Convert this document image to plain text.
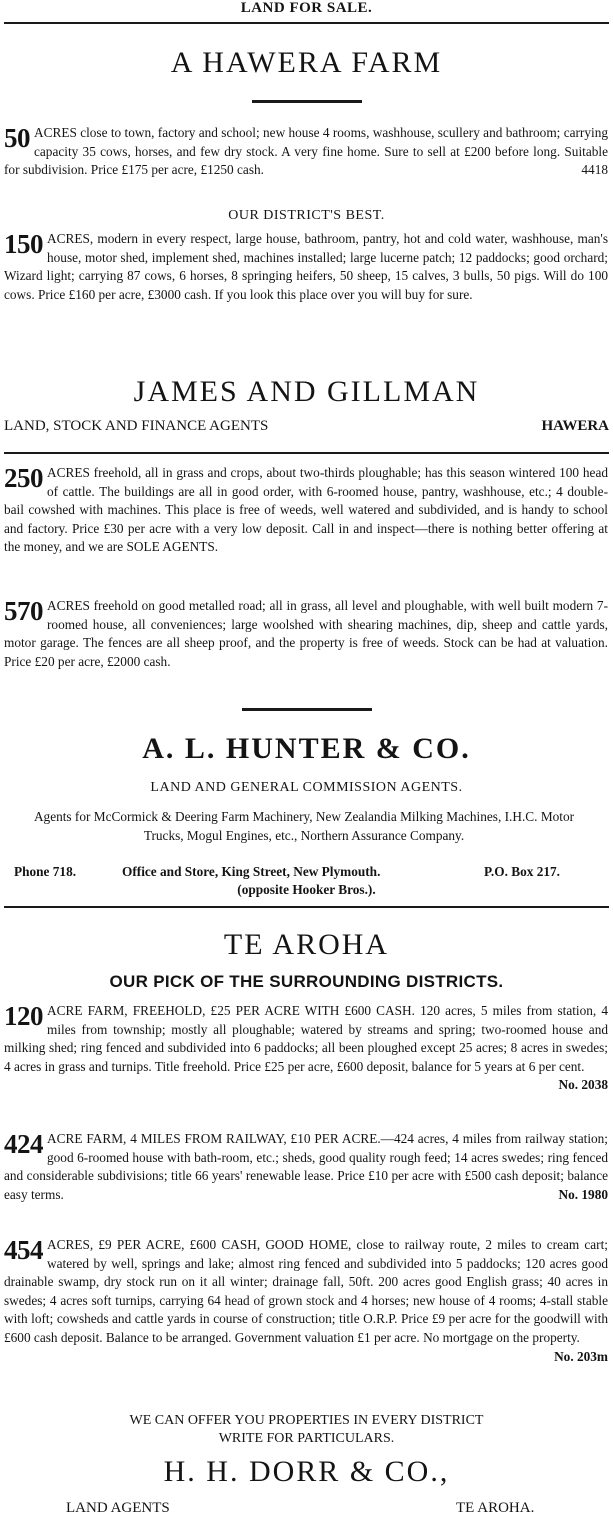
LAND FOR SALE.
A HAWERA FARM
50 ACRES close to town, factory and school; new house 4 rooms, washhouse, scullery and bathroom; carrying capacity 35 cows, horses, and few dry stock. A very fine home. Sure to sell at £200 before long. Suitable for subdivision. Price £175 per acre, £1250 cash.	4418
OUR DISTRICT'S BEST.
150 ACRES, modern in every respect, large house, bathroom, pantry, hot and cold water, washhouse, man's house, motor shed, implement shed, machines installed; large lucerne patch; 12 paddocks; good orchard; Wizard light; carrying 87 cows, 6 horses, 8 springing heifers, 50 sheep, 15 calves, 3 bulls, 50 pigs. Will do 100 cows. Price £160 per acre, £3000 cash. If you look this place over you will buy for sure.
JAMES AND GILLMAN
LAND, STOCK AND FINANCE AGENTS	HAWERA
250 ACRES freehold, all in grass and crops, about two-thirds ploughable; has this season wintered 100 head of cattle. The buildings are all in good order, with 6-roomed house, pantry, washhouse, etc.; 4 double-bail cowshed with machines. This place is free of weeds, well watered and subdivided, and is handy to school and factory. Price £30 per acre with a very low deposit. Call in and inspect—there is nothing better offering at the money, and we are SOLE AGENTS.
570 ACRES freehold on good metalled road; all in grass, all level and ploughable, with well built modern 7-roomed house, all conveniences; large woolshed with shearing machines, dip, sheep and cattle yards, motor garage. The fences are all sheep proof, and the property is free of weeds. Stock can be had at valuation. Price £20 per acre, £2000 cash.
A. L. HUNTER & CO.
LAND AND GENERAL COMMISSION AGENTS.
Agents for McCormick & Deering Farm Machinery, New Zealandia Milking Machines, I.H.C. Motor Trucks, Mogul Engines, etc., Northern Assurance Company.
Phone 718.	Office and Store, King Street, New Plymouth.	P.O. Box 217.
(opposite Hooker Bros.).
TE AROHA
OUR PICK OF THE SURROUNDING DISTRICTS.
120 ACRE FARM, FREEHOLD, £25 PER ACRE WITH £600 CASH. 120 acres, 5 miles from station, 4 miles from township; mostly all ploughable; watered by streams and spring; two-roomed house and milking shed; ring fenced and subdivided into 6 paddocks; all been ploughed except 25 acres; 8 acres in swedes; 4 acres in grass and turnips. Title freehold. Price £25 per acre, £600 deposit, balance for 5 years at 6 per cent.
No. 2038
424 ACRE FARM, 4 MILES FROM RAILWAY, £10 PER ACRE.—424 acres, 4 miles from railway station; good 6-roomed house with bath-room, etc.; sheds, good quality rough feed; 14 acres swedes; ring fenced and considerable subdivisions; title 66 years' renewable lease. Price £10 per acre with £500 cash deposit; balance easy terms.	No. 1980
454 ACRES, £9 PER ACRE, £600 CASH, GOOD HOME, close to railway route, 2 miles to cream cart; watered by well, springs and lake; almost ring fenced and subdivided into 5 paddocks; 120 acres good drainable swamp, dry stock run on it all winter; drainage fall, 50ft. 200 acres good English grass; 40 acres in swedes; 4 acres soft turnips, carrying 64 head of grown stock and 4 horses; new house of 4 rooms; 4-stall stable with loft; cowsheds and cattle yards in course of construction; title O.R.P. Price £9 per acre for the goodwill with £600 cash deposit. Balance to be arranged. Government valuation £1 per acre. No mortgage on the property.
No. 203m
WE CAN OFFER YOU PROPERTIES IN EVERY DISTRICT
WRITE FOR PARTICULARS.
H. H. DORR & CO.,
LAND AGENTS	TE AROHA.
